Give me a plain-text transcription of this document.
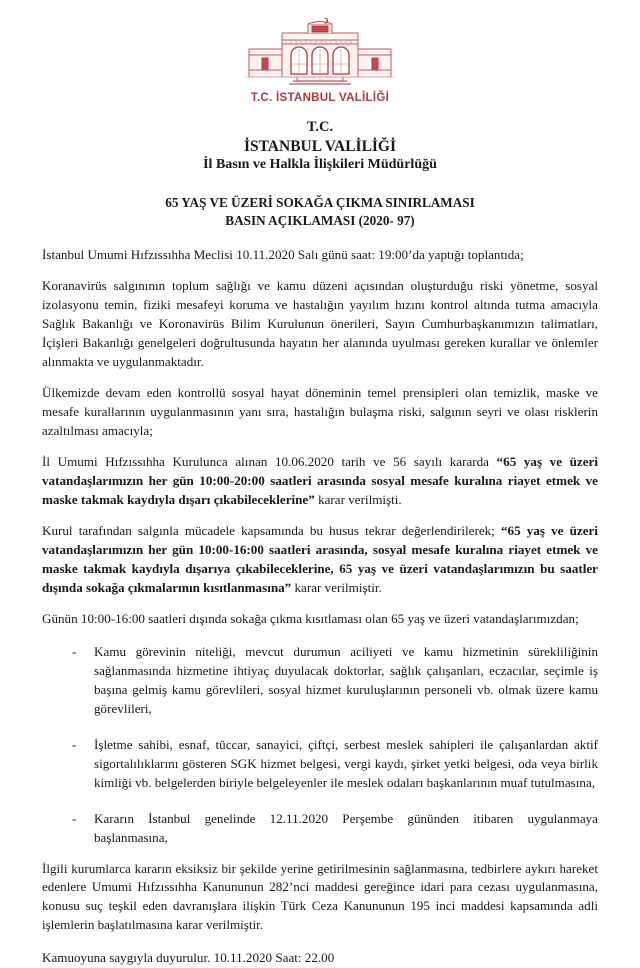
T.C. İSTANBUL VALİLİĞİ
T.C.
İSTANBUL VALİLİĞİ
İl Basın ve Halkla İlişkileri Müdürlüğü
65 YAŞ VE ÜZERİ SOKAĞA ÇIKMA SINIRLAMASI
BASIN AÇIKLAMASI (2020- 97)

İstanbul Umumi Hıfzıssıhha Meclisi 10.11.2020 Salı günü saat: 19:00’da yaptığı toplantıda;

Koranavirüs salgınının toplum sağlığı ve kamu düzeni açısından oluşturduğu riski yönetme, sosyal izolasyonu temin, fiziki mesafeyi koruma ve hastalığın yayılım hızını kontrol altında tutma amacıyla Sağlık Bakanlığı ve Koronavirüs Bilim Kurulunun önerileri, Sayın Cumhurbaşkanımızın talimatları, İçişleri Bakanlığı genelgeleri doğrultusunda hayatın her alanında uyulması gereken kurallar ve önlemler alınmakta ve uygulanmaktadır.

Ülkemizde devam eden kontrollü sosyal hayat döneminin temel prensipleri olan temizlik, maske ve mesafe kurallarının uygulanmasının yanı sıra, hastalığın bulaşma riski, salgının seyri ve olası risklerin azaltılması amacıyla;

İl Umumi Hıfzıssıhha Kurulunca alınan 10.06.2020 tarih ve 56 sayılı kararda “65 yaş ve üzeri vatandaşlarımızın her gün 10:00-20:00 saatleri arasında sosyal mesafe kuralına riayet etmek ve maske takmak kaydıyla dışarı çıkabileceklerine” karar verilmişti.

Kurul tarafından salgınla mücadele kapsamında bu husus tekrar değerlendirilerek; “65 yaş ve üzeri vatandaşlarımızın her gün 10:00-16:00 saatleri arasında, sosyal mesafe kuralına riayet etmek ve maske takmak kaydıyla dışarıya çıkabileceklerine, 65 yaş ve üzeri vatandaşlarımızın bu saatler dışında sokağa çıkmalarının kısıtlanmasına” karar verilmiştir.

Günün 10:00-16:00 saatleri dışında sokağa çıkma kısıtlaması olan 65 yaş ve üzeri vatandaşlarımızdan;

- Kamu görevinin niteliği, mevcut durumun aciliyeti ve kamu hizmetinin sürekliliğinin sağlanmasında hizmetine ihtiyaç duyulacak doktorlar, sağlık çalışanları, eczacılar, seçimle iş başına gelmiş kamu görevlileri, sosyal hizmet kuruluşlarının personeli vb. olmak üzere kamu görevlileri,
- İşletme sahibi, esnaf, tüccar, sanayici, çiftçi, serbest meslek sahipleri ile çalışanlardan aktif sigortalılıklarını gösteren SGK hizmet belgesi, vergi kaydı, şirket yetki belgesi, oda veya birlik kimliği vb. belgelerden biriyle belgeleyenler ile meslek odaları başkanlarının muaf tutulmasına,
- Kararın İstanbul genelinde 12.11.2020 Perşembe gününden itibaren uygulanmaya başlanmasına,

İlgili kurumlarca kararın eksiksiz bir şekilde yerine getirilmesinin sağlanmasına, tedbirlere aykırı hareket edenlere Umumi Hıfzıssıhha Kanununun 282’nci maddesi gereğince idari para cezası uygulanmasına, konusu suç teşkil eden davranışlara ilişkin Türk Ceza Kanununun 195 inci maddesi kapsamında adli işlemlerin başlatılmasına karar verilmiştir.

Kamuoyuna saygıyla duyurulur. 10.11.2020 Saat: 22.00
